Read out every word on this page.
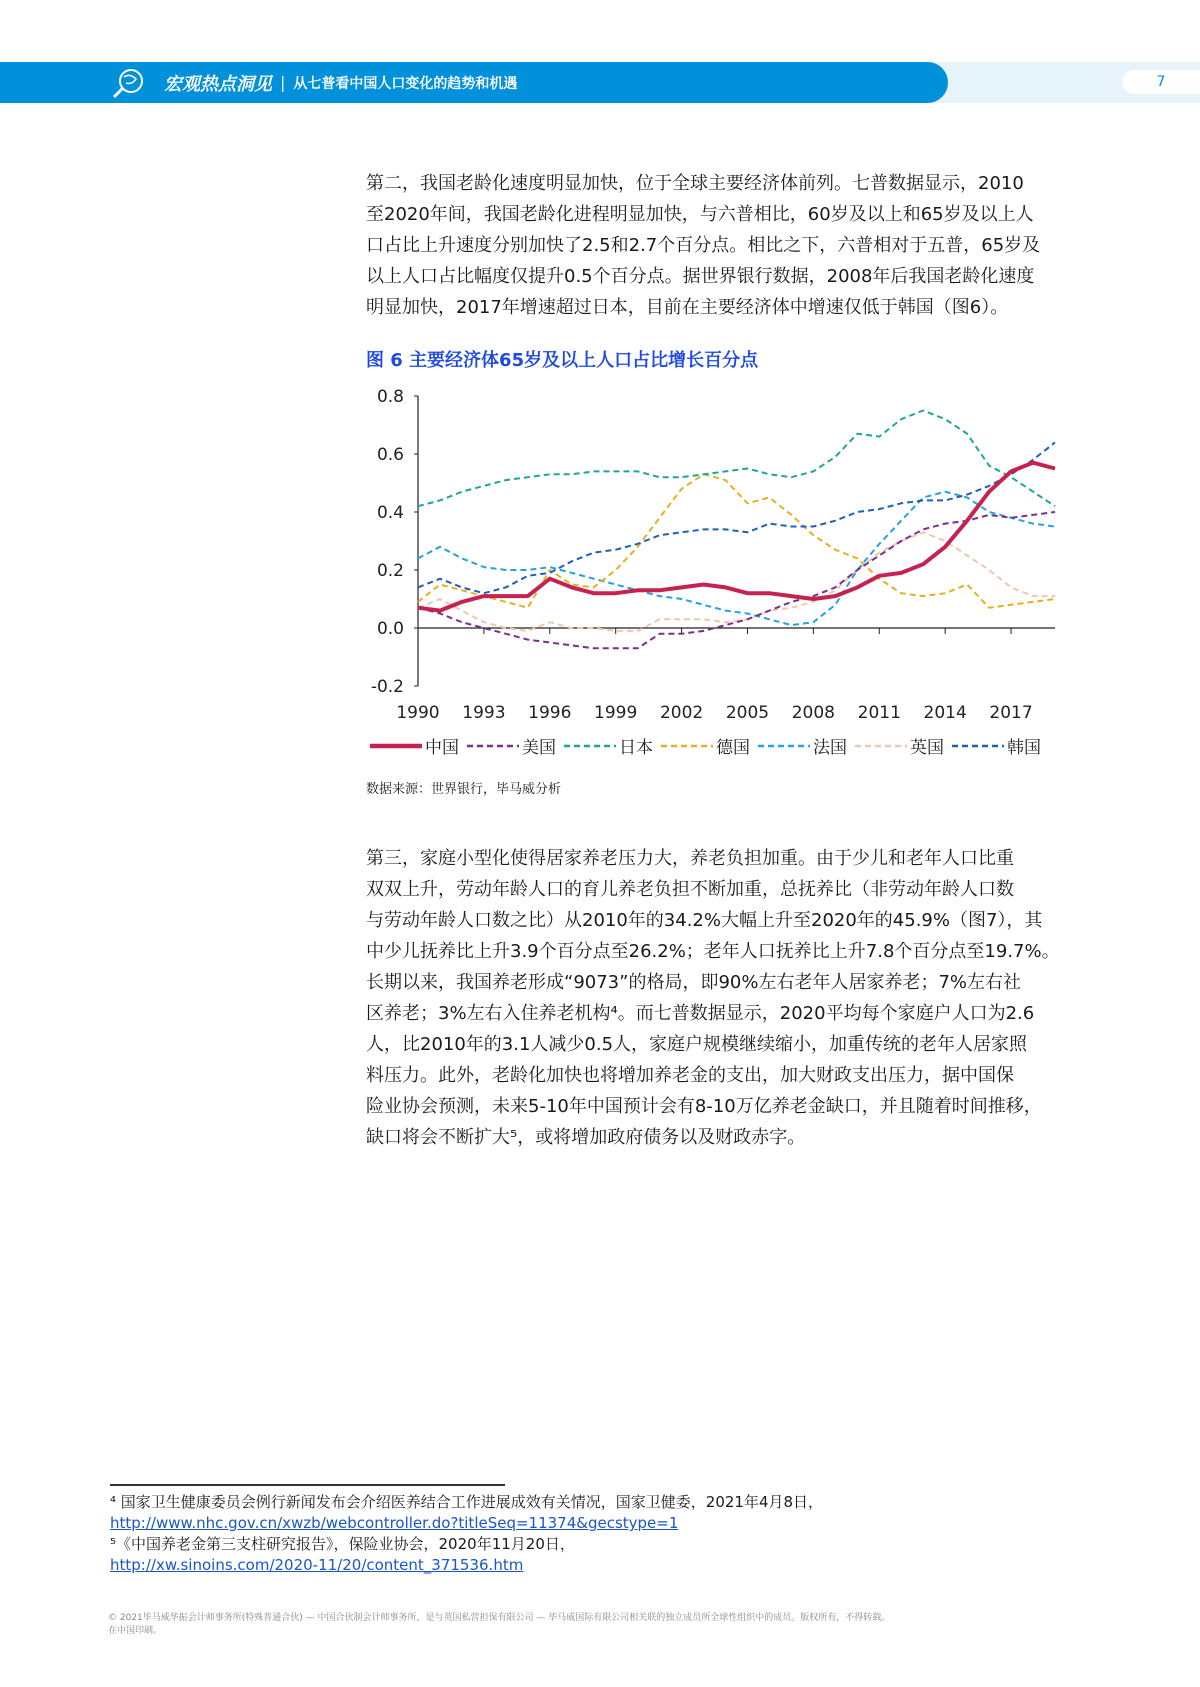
宏观热点洞见 | 从七普看中国人口变化的趋势和机遇	7
第二，我国老龄化速度明显加快，位于全球主要经济体前列。七普数据显示，2010
至2020年间，我国老龄化进程明显加快，与六普相比，60岁及以上和65岁及以上人
口占比上升速度分别加快了2.5和2.7个百分点。相比之下，六普相对于五普，65岁及
以上人口占比幅度仅提升0.5个百分点。据世界银行数据，2008年后我国老龄化速度
明显加快，2017年增速超过日本，目前在主要经济体中增速仅低于韩国（图6）。
图 6 主要经济体65岁及以上人口占比增长百分点
0.8
0.6
0.4
0.2
0.0
-0.2
1990 1993 1996 1999 2002 2005 2008 2011 2014 2017
中国	美国	日本	德国	法国	英国	韩国
数据来源：世界银行，毕马威分析
第三，家庭小型化使得居家养老压力大，养老负担加重。由于少儿和老年人口比重
双双上升，劳动年龄人口的育儿养老负担不断加重，总抚养比（非劳动年龄人口数
与劳动年龄人口数之比）从2010年的34.2%大幅上升至2020年的45.9%（图7），其
中少儿抚养比上升3.9个百分点至26.2%；老年人口抚养比上升7.8个百分点至19.7%。
长期以来，我国养老形成“9073”的格局，即90%左右老年人居家养老；7%左右社
区养老；3%左右入住养老机构⁴。而七普数据显示，2020平均每个家庭户人口为2.6
人，比2010年的3.1人减少0.5人，家庭户规模继续缩小，加重传统的老年人居家照
料压力。此外，老龄化加快也将增加养老金的支出，加大财政支出压力，据中国保
险业协会预测，未来5-10年中国预计会有8-10万亿养老金缺口，并且随着时间推移，
缺口将会不断扩大⁵，或将增加政府债务以及财政赤字。
⁴ 国家卫生健康委员会例行新闻发布会介绍医养结合工作进展成效有关情况，国家卫健委，2021年4月8日，
http://www.nhc.gov.cn/xwzb/webcontroller.do?titleSeq=11374&gecstype=1
⁵《中国养老金第三支柱研究报告》，保险业协会，2020年11月20日，
http://xw.sinoins.com/2020-11/20/content_371536.htm
© 2021毕马威华振会计师事务所(特殊普通合伙) — 中国合伙制会计师事务所，是与英国私营担保有限公司 — 毕马威国际有限公司相关联的独立成员所全球性组织中的成员。版权所有，不得转载。
在中国印刷。
